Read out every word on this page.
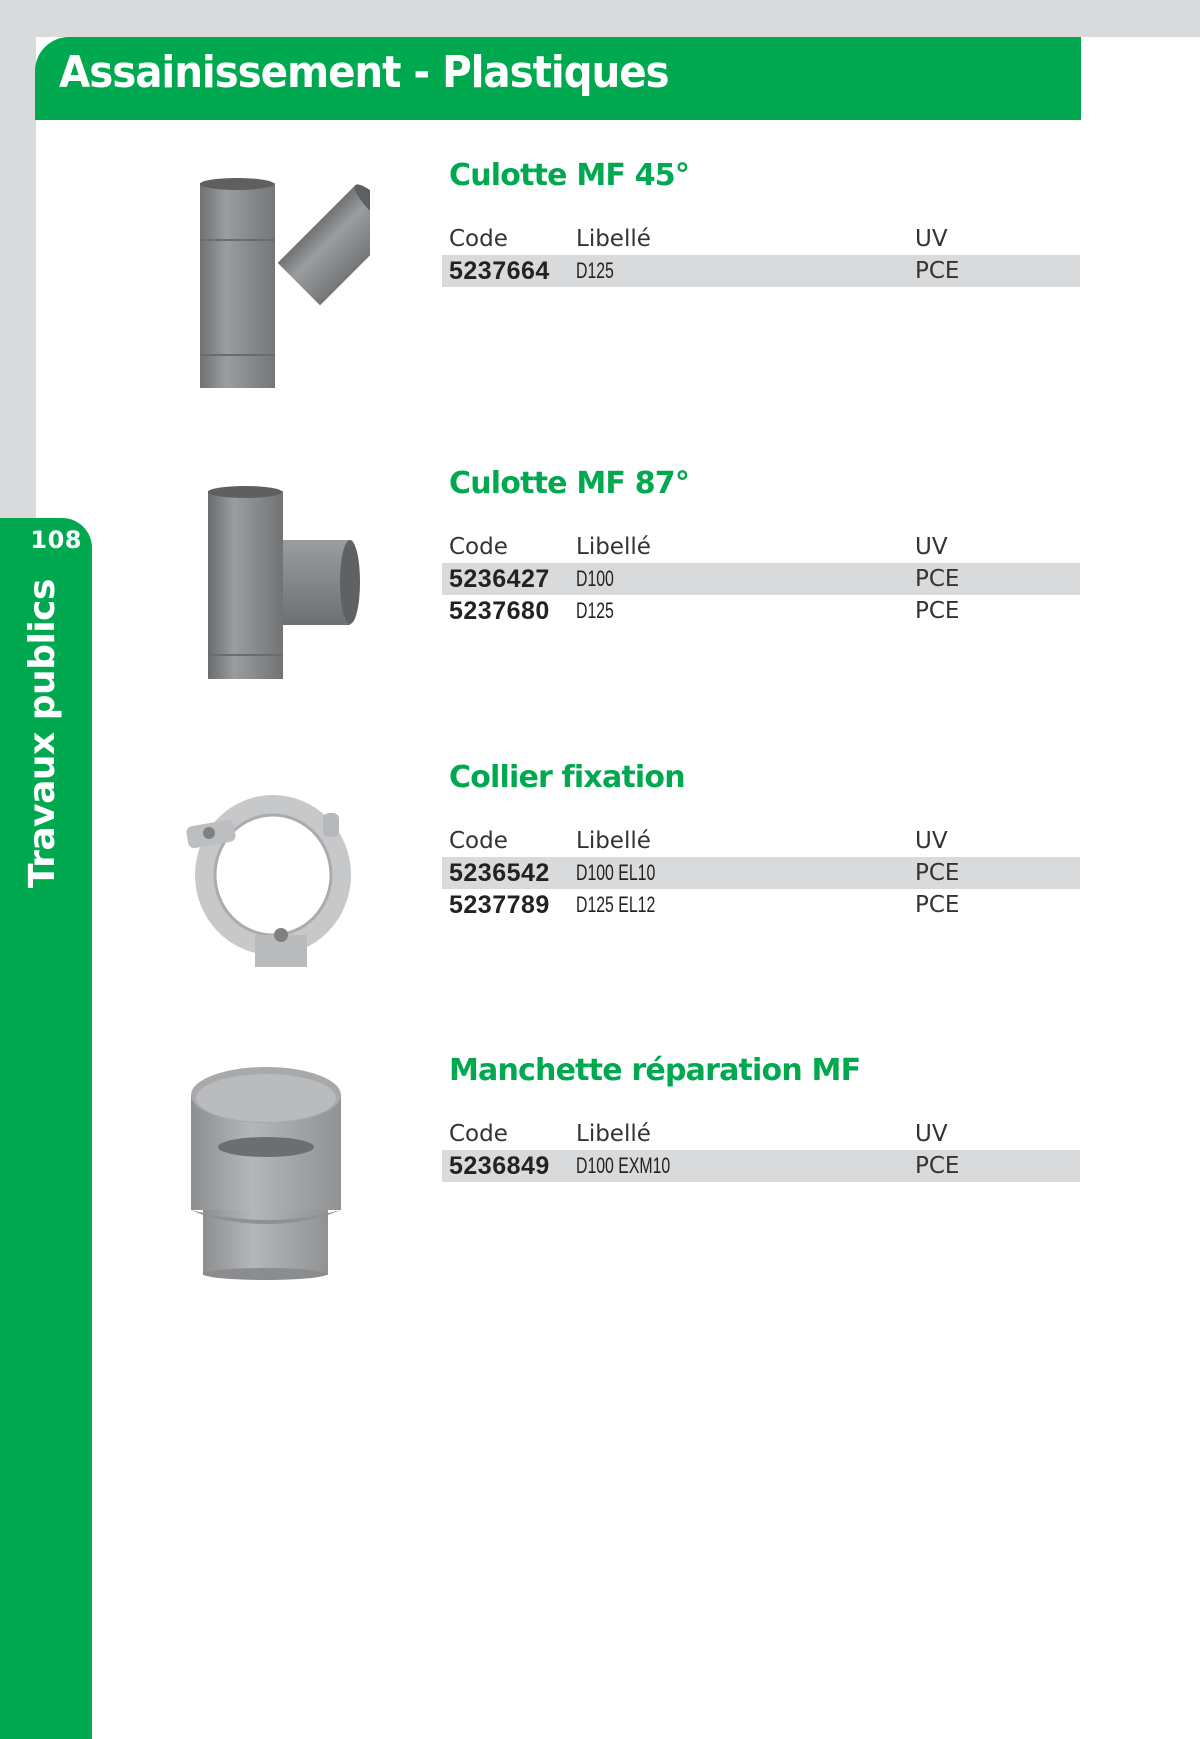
Assainissement - Plastiques
108
Travaux publics
Culotte MF 45°
Code	Libellé	UV
5237664 D125	PCE
Culotte MF 87°
Code	Libellé	UV
5236427 D100	PCE
5237680 D125	PCE
Collier fixation
Code	Libellé	UV
5236542 D100 EL10	PCE
5237789 D125 EL12	PCE
Manchette réparation MF
Code	Libellé	UV
5236849 D100 EXM10	PCE
